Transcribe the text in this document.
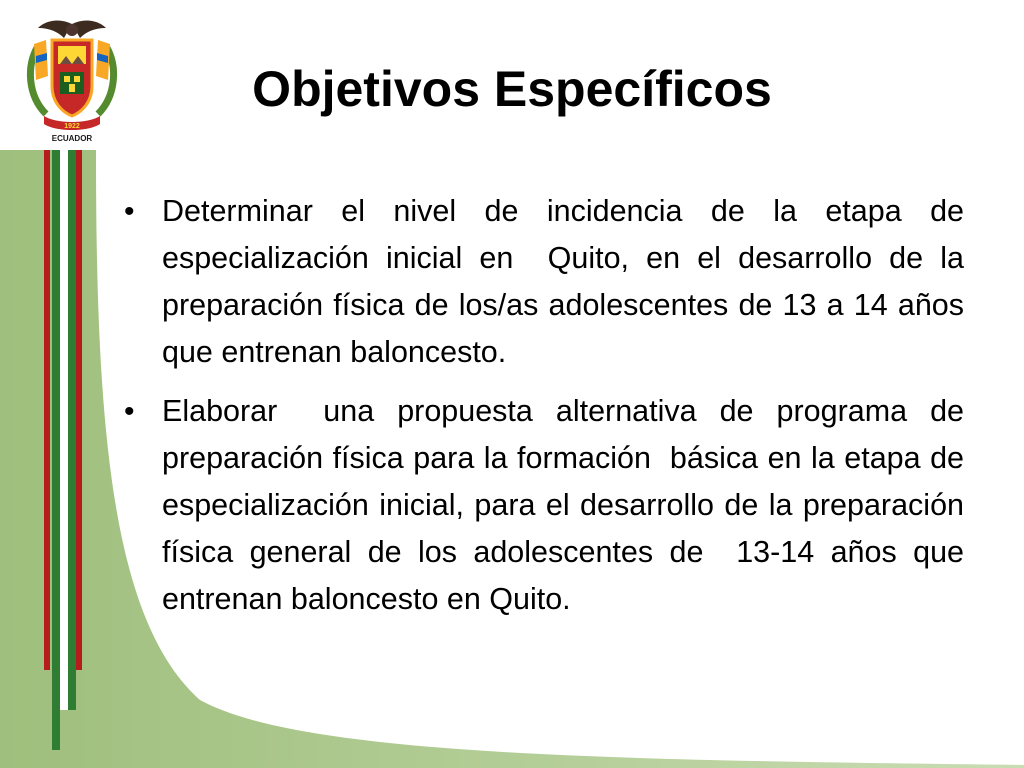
1922
ECUADOR
Objetivos Específicos
• Determinar el nivel de incidencia de la etapa de especialización inicial en  Quito, en el desarrollo de la preparación física de los/as adolescentes de 13 a 14 años que entrenan baloncesto.
• Elaborar  una propuesta alternativa de programa de preparación física para la formación  básica en la etapa de especialización inicial, para el desarrollo de la preparación física general de los adolescentes de  13-14 años que entrenan baloncesto en Quito.
